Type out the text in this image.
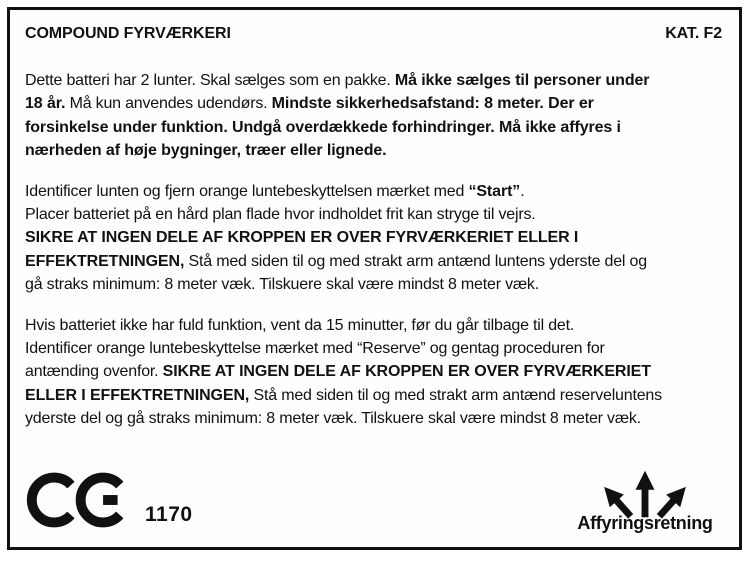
COMPOUND FYRVÆRKERI	KAT. F2

Dette batteri har 2 lunter. Skal sælges som en pakke. Må ikke sælges til personer under
18 år. Må kun anvendes udendørs. Mindste sikkerhedsafstand: 8 meter. Der er
forsinkelse under funktion. Undgå overdækkede forhindringer. Må ikke affyres i
nærheden af høje bygninger, træer eller lignede.

Identificer lunten og fjern orange luntebeskyttelsen mærket med “Start”.
Placer batteriet på en hård plan flade hvor indholdet frit kan stryge til vejrs.
SIKRE AT INGEN DELE AF KROPPEN ER OVER FYRVÆRKERIET ELLER I
EFFEKTRETNINGEN, Stå med siden til og med strakt arm antænd luntens yderste del og
gå straks minimum: 8 meter væk. Tilskuere skal være mindst 8 meter væk.

Hvis batteriet ikke har fuld funktion, vent da 15 minutter, før du går tilbage til det.
Identificer orange luntebeskyttelse mærket med “Reserve” og gentag proceduren for
antænding ovenfor. SIKRE AT INGEN DELE AF KROPPEN ER OVER FYRVÆRKERIET
ELLER I EFFEKTRETNINGEN, Stå med siden til og med strakt arm antænd reserveluntens
yderste del og gå straks minimum: 8 meter væk. Tilskuere skal være mindst 8 meter væk.

1170	Affyringsretning
